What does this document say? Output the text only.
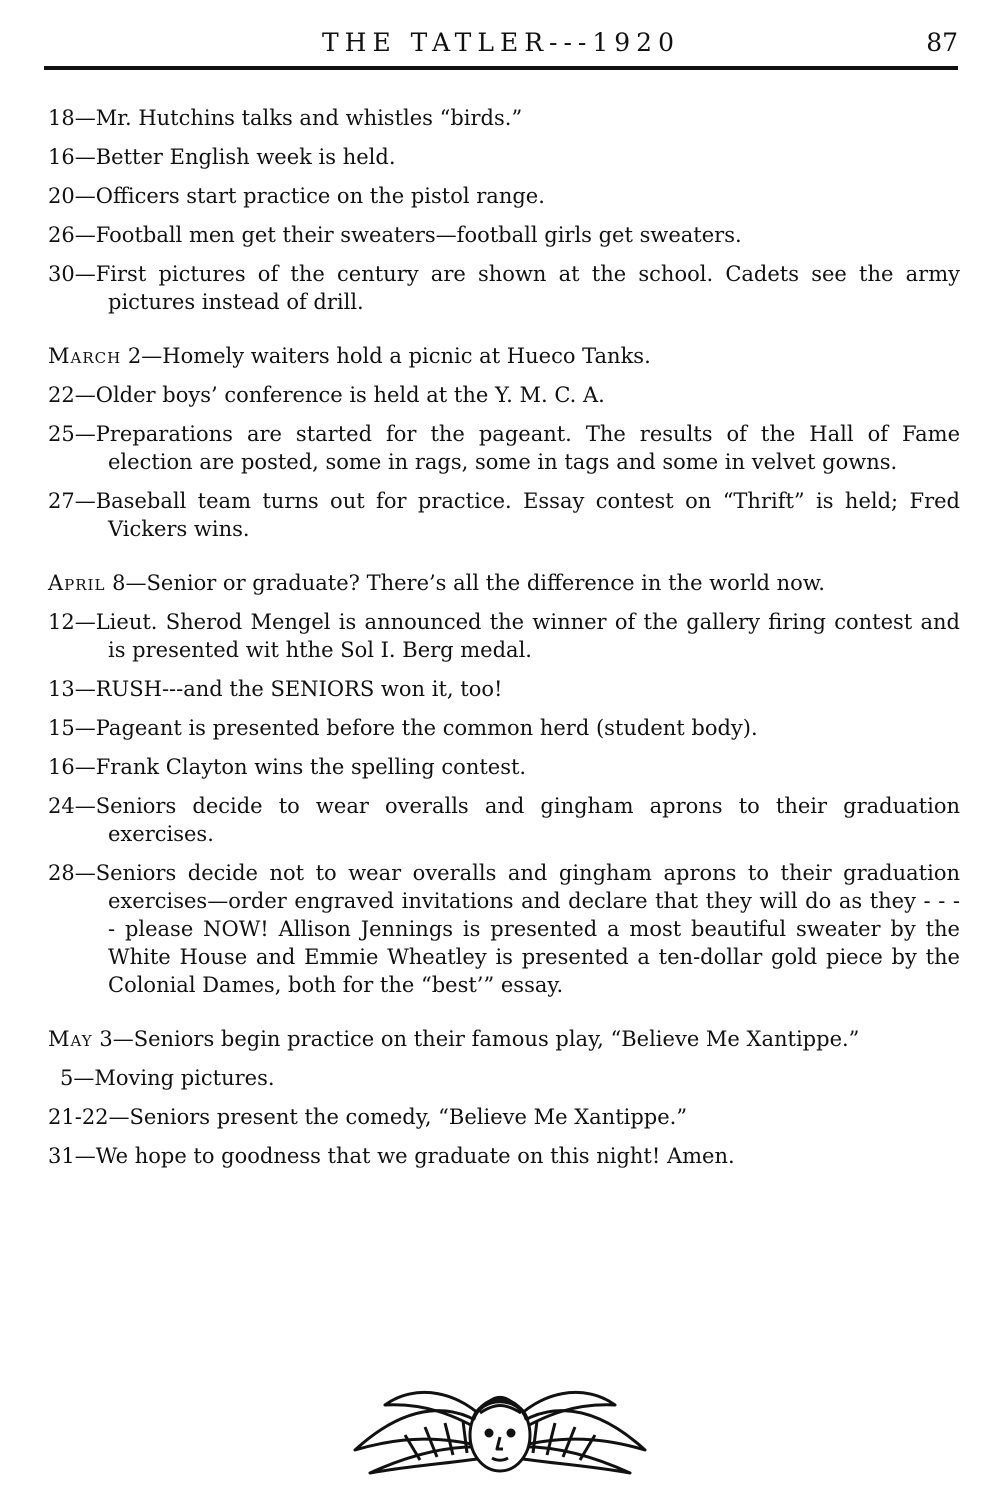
THE TATLER---1920	87

18—Mr. Hutchins talks and whistles “birds.”

16—Better English week is held.

20—Officers start practice on the pistol range.

26—Football men get their sweaters—football girls get sweaters.

30—First pictures of the century are shown at the school. Cadets see the army pictures instead of drill.

March 2—Homely waiters hold a picnic at Hueco Tanks.

22—Older boys’ conference is held at the Y. M. C. A.

25—Preparations are started for the pageant. The results of the Hall of Fame election are posted, some in rags, some in tags and some in velvet gowns.

27—Baseball team turns out for practice. Essay contest on “Thrift” is held; Fred Vickers wins.

April 8—Senior or graduate? There’s all the difference in the world now.

12—Lieut. Sherod Mengel is announced the winner of the gallery firing contest and is presented wit hthe Sol I. Berg medal.

13—RUSH---and the SENIORS won it, too!

15—Pageant is presented before the common herd (student body).

16—Frank Clayton wins the spelling contest.

24—Seniors decide to wear overalls and gingham aprons to their graduation exercises.

28—Seniors decide not to wear overalls and gingham aprons to their graduation exercises—order engraved invitations and declare that they will do as they - - - - please NOW! Allison Jennings is presented a most beautiful sweater by the White House and Emmie Wheatley is presented a ten-dollar gold piece by the Colonial Dames, both for the “best’” essay.

May 3—Seniors begin practice on their famous play, “Believe Me Xantippe.”

5—Moving pictures.

21-22—Seniors present the comedy, “Believe Me Xantippe.”

31—We hope to goodness that we graduate on this night! Amen.
